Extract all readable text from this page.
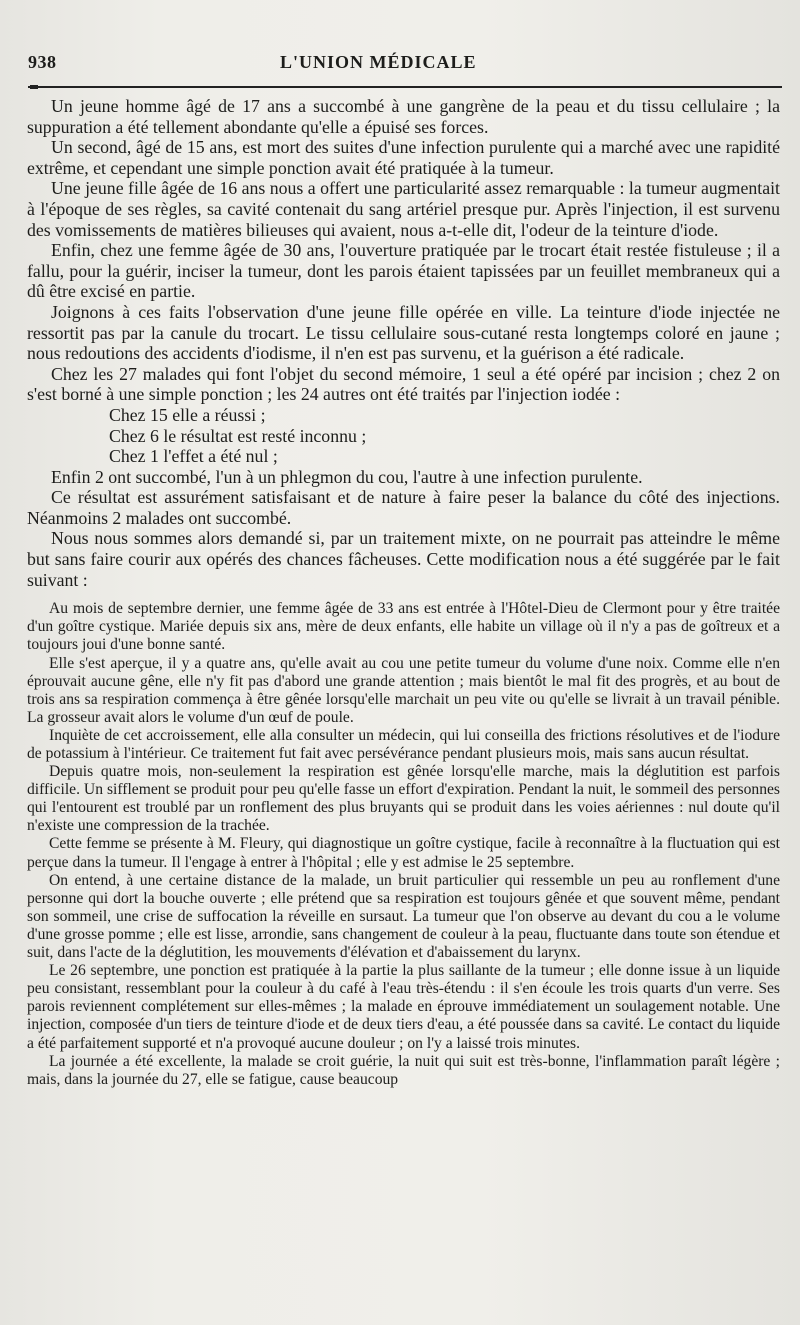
938	L'UNION MÉDICALE

Un jeune homme âgé de 17 ans a succombé à une gangrène de la peau et du tissu cellulaire ; la suppuration a été tellement abondante qu'elle a épuisé ses forces.

Un second, âgé de 15 ans, est mort des suites d'une infection purulente qui a marché avec une rapidité extrême, et cependant une simple ponction avait été pratiquée à la tumeur.

Une jeune fille âgée de 16 ans nous a offert une particularité assez remarquable : la tumeur augmentait à l'époque de ses règles, sa cavité contenait du sang artériel presque pur. Après l'injection, il est survenu des vomissements de matières bilieuses qui avaient, nous a-t-elle dit, l'odeur de la teinture d'iode.

Enfin, chez une femme âgée de 30 ans, l'ouverture pratiquée par le trocart était restée fistuleuse ; il a fallu, pour la guérir, inciser la tumeur, dont les parois étaient tapissées par un feuillet membraneux qui a dû être excisé en partie.

Joignons à ces faits l'observation d'une jeune fille opérée en ville. La teinture d'iode injectée ne ressortit pas par la canule du trocart. Le tissu cellulaire sous-cutané resta longtemps coloré en jaune ; nous redoutions des accidents d'iodisme, il n'en est pas survenu, et la guérison a été radicale.

Chez les 27 malades qui font l'objet du second mémoire, 1 seul a été opéré par incision ; chez 2 on s'est borné à une simple ponction ; les 24 autres ont été traités par l'injection iodée :

Chez 15 elle a réussi ;

Chez 6 le résultat est resté inconnu ;

Chez 1 l'effet a été nul ;

Enfin 2 ont succombé, l'un à un phlegmon du cou, l'autre à une infection purulente.

Ce résultat est assurément satisfaisant et de nature à faire peser la balance du côté des injections. Néanmoins 2 malades ont succombé.

Nous nous sommes alors demandé si, par un traitement mixte, on ne pourrait pas atteindre le même but sans faire courir aux opérés des chances fâcheuses. Cette modification nous a été suggérée par le fait suivant :

Au mois de septembre dernier, une femme âgée de 33 ans est entrée à l'Hôtel-Dieu de Clermont pour y être traitée d'un goître cystique. Mariée depuis six ans, mère de deux enfants, elle habite un village où il n'y a pas de goîtreux et a toujours joui d'une bonne santé.

Elle s'est aperçue, il y a quatre ans, qu'elle avait au cou une petite tumeur du volume d'une noix. Comme elle n'en éprouvait aucune gêne, elle n'y fit pas d'abord une grande attention ; mais bientôt le mal fit des progrès, et au bout de trois ans sa respiration commença à être gênée lorsqu'elle marchait un peu vite ou qu'elle se livrait à un travail pénible. La grosseur avait alors le volume d'un œuf de poule.

Inquiète de cet accroissement, elle alla consulter un médecin, qui lui conseilla des frictions résolutives et de l'iodure de potassium à l'intérieur. Ce traitement fut fait avec persévérance pendant plusieurs mois, mais sans aucun résultat.

Depuis quatre mois, non-seulement la respiration est gênée lorsqu'elle marche, mais la déglutition est parfois difficile. Un sifflement se produit pour peu qu'elle fasse un effort d'expiration. Pendant la nuit, le sommeil des personnes qui l'entourent est troublé par un ronflement des plus bruyants qui se produit dans les voies aériennes : nul doute qu'il n'existe une compression de la trachée.

Cette femme se présente à M. Fleury, qui diagnostique un goître cystique, facile à reconnaître à la fluctuation qui est perçue dans la tumeur. Il l'engage à entrer à l'hôpital ; elle y est admise le 25 septembre.

On entend, à une certaine distance de la malade, un bruit particulier qui ressemble un peu au ronflement d'une personne qui dort la bouche ouverte ; elle prétend que sa respiration est toujours gênée et que souvent même, pendant son sommeil, une crise de suffocation la réveille en sursaut. La tumeur que l'on observe au devant du cou a le volume d'une grosse pomme ; elle est lisse, arrondie, sans changement de couleur à la peau, fluctuante dans toute son étendue et suit, dans l'acte de la déglutition, les mouvements d'élévation et d'abaissement du larynx.

Le 26 septembre, une ponction est pratiquée à la partie la plus saillante de la tumeur ; elle donne issue à un liquide peu consistant, ressemblant pour la couleur à du café à l'eau très-étendu : il s'en écoule les trois quarts d'un verre. Ses parois reviennent complétement sur elles-mêmes ; la malade en éprouve immédiatement un soulagement notable. Une injection, composée d'un tiers de teinture d'iode et de deux tiers d'eau, a été poussée dans sa cavité. Le contact du liquide a été parfaitement supporté et n'a provoqué aucune douleur ; on l'y a laissé trois minutes.

La journée a été excellente, la malade se croit guérie, la nuit qui suit est très-bonne, l'inflammation paraît légère ; mais, dans la journée du 27, elle se fatigue, cause beaucoup
